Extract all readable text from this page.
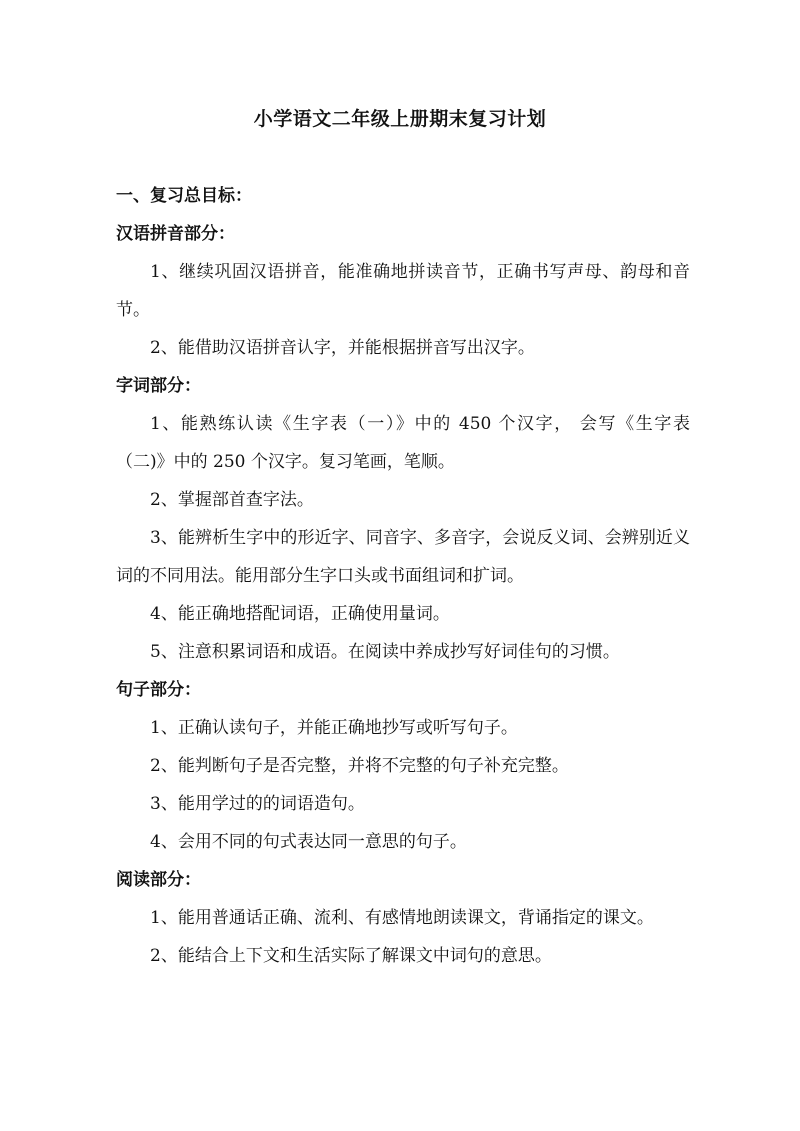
小学语文二年级上册期末复习计划
一、复习总目标：
汉语拼音部分：
1、继续巩固汉语拼音，能准确地拼读音节，正确书写声母、韵母和音节。
2、能借助汉语拼音认字，并能根据拼音写出汉字。
字词部分：
1、能熟练认读《生字表（一）》中的 450 个汉字， 会写《生字表（二)》中的 250 个汉字。复习笔画，笔顺。
2、掌握部首查字法。
3、能辨析生字中的形近字、同音字、多音字，会说反义词、会辨别近义词的不同用法。能用部分生字口头或书面组词和扩词。
4、能正确地搭配词语，正确使用量词。
5、注意积累词语和成语。在阅读中养成抄写好词佳句的习惯。
句子部分：
1、正确认读句子，并能正确地抄写或听写句子。
2、能判断句子是否完整，并将不完整的句子补充完整。
3、能用学过的的词语造句。
4、会用不同的句式表达同一意思的句子。
阅读部分：
1、能用普通话正确、流利、有感情地朗读课文，背诵指定的课文。
2、能结合上下文和生活实际了解课文中词句的意思。
